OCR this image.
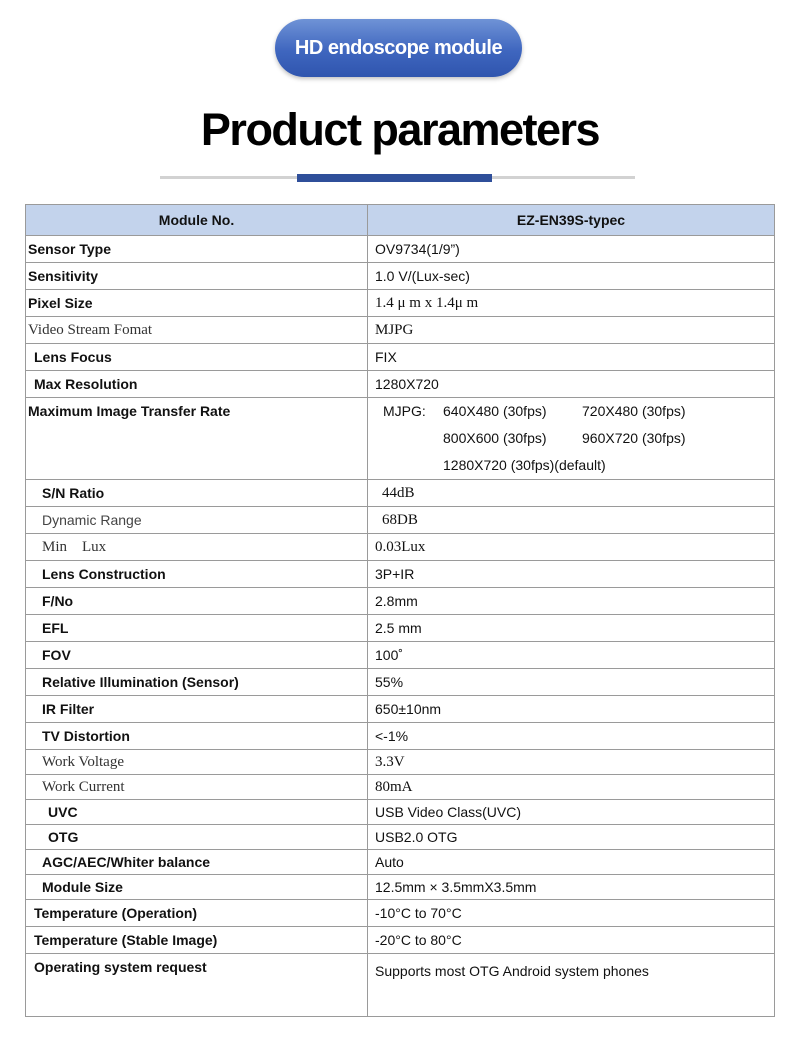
HD endoscope module
Product parameters
Module No.	EZ-EN39S-typec
Sensor Type	OV9734(1/9”)
Sensitivity	1.0 V/(Lux-sec)
Pixel Size	1.4 μ m x 1.4μ m
Video Stream Fomat	MJPG
Lens Focus	FIX
Max Resolution	1280X720
Maximum Image Transfer Rate	MJPG: 640X480 (30fps) 720X480 (30fps)
800X600 (30fps) 960X720 (30fps)
1280X720 (30fps)(default)

S/N Ratio	44dB
Dynamic Range	68DB
Min    Lux	0.03Lux
Lens Construction	3P+IR
F/No	2.8mm
EFL	2.5 mm
FOV	100˚
Relative Illumination (Sensor)	55%
IR Filter	650±10nm
TV Distortion	<-1%
Work Voltage	3.3V
Work Current	80mA
UVC	USB Video Class(UVC)
OTG	USB2.0 OTG
AGC/AEC/Whiter balance	Auto
Module Size	12.5mm × 3.5mmX3.5mm
Temperature (Operation)	-10°C to 70°C
Temperature (Stable Image)	-20°C to 80°C
Operating system request	Supports most OTG Android system phones
